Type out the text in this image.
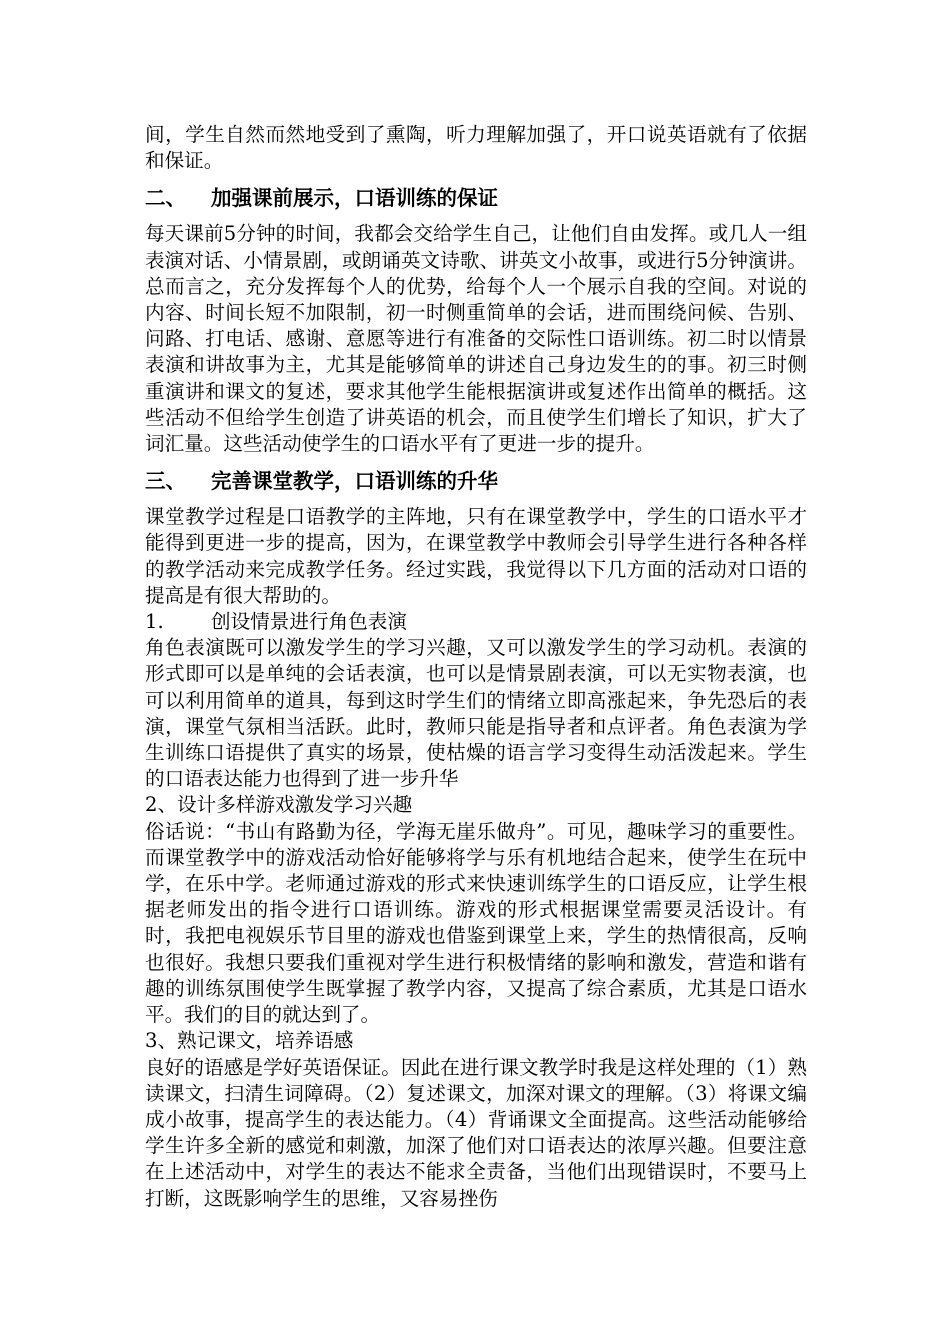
间，学生自然而然地受到了熏陶，听力理解加强了，开口说英语就有了依据和保证。

二、	加强课前展示，口语训练的保证

每天课前5分钟的时间，我都会交给学生自己，让他们自由发挥。或几人一组表演对话、小情景剧，或朗诵英文诗歌、讲英文小故事，或进行5分钟演讲。总而言之，充分发挥每个人的优势，给每个人一个展示自我的空间。对说的内容、时间长短不加限制，初一时侧重简单的会话，进而围绕问候、告别、问路、打电话、感谢、意愿等进行有准备的交际性口语训练。初二时以情景表演和讲故事为主，尤其是能够简单的讲述自己身边发生的的事。初三时侧重演讲和课文的复述，要求其他学生能根据演讲或复述作出简单的概括。这些活动不但给学生创造了讲英语的机会，而且使学生们增长了知识，扩大了词汇量。这些活动使学生的口语水平有了更进一步的提升。

三、	完善课堂教学，口语训练的升华

课堂教学过程是口语教学的主阵地，只有在课堂教学中，学生的口语水平才能得到更进一步的提高，因为，在课堂教学中教师会引导学生进行各种各样的教学活动来完成教学任务。经过实践，我觉得以下几方面的活动对口语的提高是有很大帮助的。

1.	创设情景进行角色表演

角色表演既可以激发学生的学习兴趣，又可以激发学生的学习动机。表演的形式即可以是单纯的会话表演，也可以是情景剧表演，可以无实物表演，也可以利用简单的道具，每到这时学生们的情绪立即高涨起来，争先恐后的表演，课堂气氛相当活跃。此时，教师只能是指导者和点评者。角色表演为学生训练口语提供了真实的场景，使枯燥的语言学习变得生动活泼起来。学生的口语表达能力也得到了进一步升华

2、设计多样游戏激发学习兴趣

俗话说：“书山有路勤为径，学海无崖乐做舟”。可见，趣味学习的重要性。而课堂教学中的游戏活动恰好能够将学与乐有机地结合起来，使学生在玩中学，在乐中学。老师通过游戏的形式来快速训练学生的口语反应，让学生根据老师发出的指令进行口语训练。游戏的形式根据课堂需要灵活设计。有时，我把电视娱乐节目里的游戏也借鉴到课堂上来，学生的热情很高，反响也很好。我想只要我们重视对学生进行积极情绪的影响和激发，营造和谐有趣的训练氛围使学生既掌握了教学内容，又提高了综合素质，尤其是口语水平。我们的目的就达到了。

3、熟记课文，培养语感

良好的语感是学好英语保证。因此在进行课文教学时我是这样处理的（1）熟读课文，扫清生词障碍。（2）复述课文，加深对课文的理解。（3）将课文编成小故事，提高学生的表达能力。（4）背诵课文全面提高。这些活动能够给学生许多全新的感觉和刺激，加深了他们对口语表达的浓厚兴趣。但要注意在上述活动中，对学生的表达不能求全责备，当他们出现错误时，不要马上打断，这既影响学生的思维，又容易挫伤
